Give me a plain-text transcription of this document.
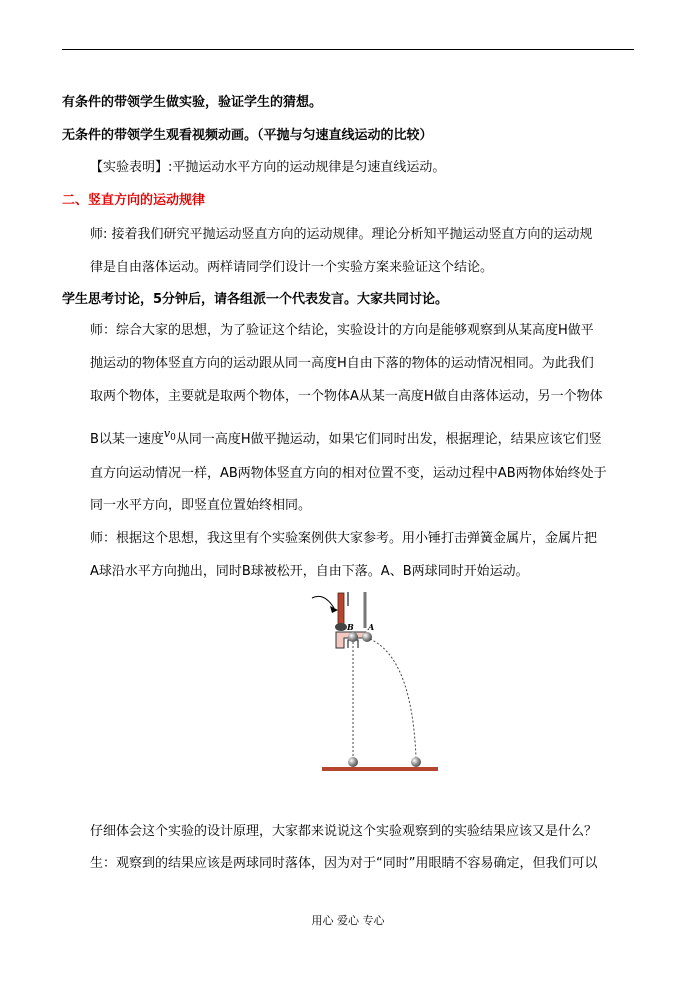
有条件的带领学生做实验，验证学生的猜想。
无条件的带领学生观看视频动画。（平抛与匀速直线运动的比较）
【实验表明】:平抛运动水平方向的运动规律是匀速直线运动。
二、竖直方向的运动规律
师: 接着我们研究平抛运动竖直方向的运动规律。理论分析知平抛运动竖直方向的运动规
律是自由落体运动。两样请同学们设计一个实验方案来验证这个结论。
学生思考讨论，5分钟后，请各组派一个代表发言。大家共同讨论。
师：综合大家的思想，为了验证这个结论，实验设计的方向是能够观察到从某高度H做平
抛运动的物体竖直方向的运动跟从同一高度H自由下落的物体的运动情况相同。为此我们
取两个物体，主要就是取两个物体，一个物体A从某一高度H做自由落体运动，另一个物体
B以某一速度$^{v_0}$从同一高度H做平抛运动，如果它们同时出发，根据理论，结果应该它们竖
直方向运动情况一样，AB两物体竖直方向的相对位置不变，运动过程中AB两物体始终处于
同一水平方向，即竖直位置始终相同。
师：根据这个思想，我这里有个实验案例供大家参考。用小锤打击弹簧金属片，金属片把
A球沿水平方向抛出，同时B球被松开，自由下落。A、B两球同时开始运动。
B A
仔细体会这个实验的设计原理，大家都来说说这个实验观察到的实验结果应该又是什么？
生：观察到的结果应该是两球同时落体，因为对于“同时”用眼睛不容易确定，但我们可以
用心 爱心 专心
